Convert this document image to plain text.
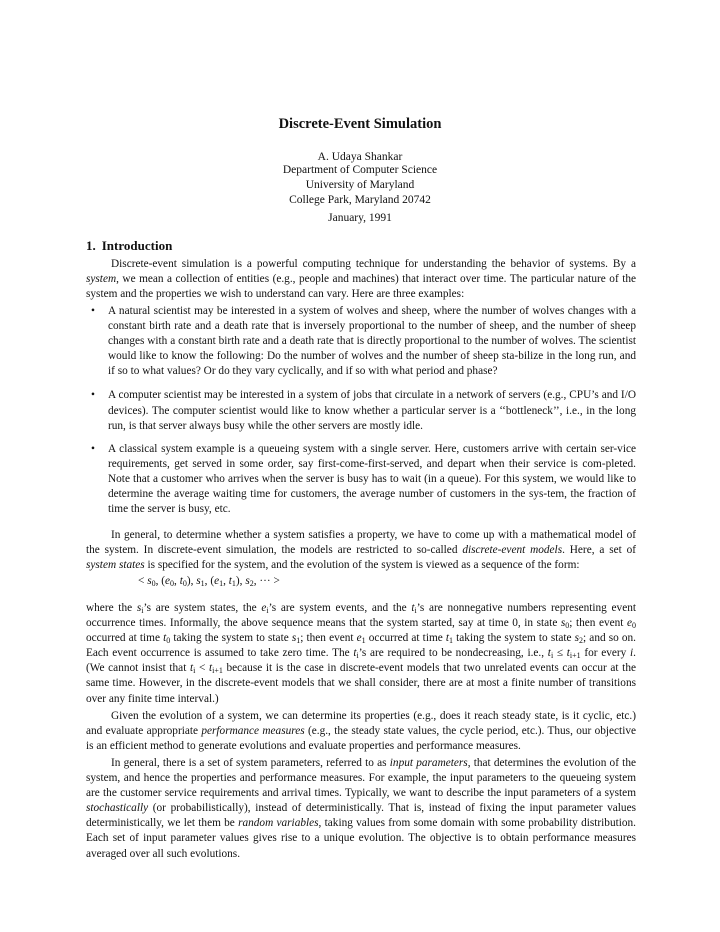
Discrete-Event Simulation
A. Udaya Shankar
Department of Computer Science
University of Maryland
College Park, Maryland 20742
January, 1991
1. Introduction

Discrete-event simulation is a powerful computing technique for understanding the behavior of systems. By a system, we mean a collection of entities (e.g., people and machines) that interact over time. The particular nature of the system and the properties we wish to understand can vary. Here are three examples:

• A natural scientist may be interested in a system of wolves and sheep, where the number of wolves changes with a constant birth rate and a death rate that is inversely proportional to the number of sheep, and the number of sheep changes with a constant birth rate and a death rate that is directly proportional to the number of wolves. The scientist would like to know the following: Do the number of wolves and the number of sheep sta-bilize in the long run, and if so to what values? Or do they vary cyclically, and if so with what period and phase?
• A computer scientist may be interested in a system of jobs that circulate in a network of servers (e.g., CPU’s and I/O devices). The computer scientist would like to know whether a particular server is a ‘‘bottleneck’’, i.e., in the long run, is that server always busy while the other servers are mostly idle.
• A classical system example is a queueing system with a single server. Here, customers arrive with certain ser-vice requirements, get served in some order, say first-come-first-served, and depart when their service is com-pleted. Note that a customer who arrives when the server is busy has to wait (in a queue). For this system, we would like to determine the average waiting time for customers, the average number of customers in the sys-tem, the fraction of time the server is busy, etc.

In general, to determine whether a system satisfies a property, we have to come up with a mathematical model of the system. In discrete-event simulation, the models are restricted to so-called discrete-event models. Here, a set of system states is specified for the system, and the evolution of the system is viewed as a sequence of the form:

< $s_0$, ($e_0$, $t_0$), $s_1$, ($e_1$, $t_1$), $s_2$, ··· >

where the $s_i’s$ are system states, the $e_i’s$ are system events, and the $t_i’s$ are nonnegative numbers representing event occurrence times. Informally, the above sequence means that the system started, say at time 0, in state $s_0$; then event $e_0$ occurred at time $t_0$ taking the system to state $s_1$; then event $e_1$ occurred at time $t_1$ taking the system to state $s_2$; and so on. Each event occurrence is assumed to take zero time. The $t_i’s$ are required to be nondecreasing, i.e., $t_i \le t_{i+1}$ for every i. (We cannot insist that $t_i < t_{i+1}$ because it is the case in discrete-event models that two unrelated events can occur at the same time. However, in the discrete-event models that we shall consider, there are at most a finite number of transitions over any finite time interval.)

Given the evolution of a system, we can determine its properties (e.g., does it reach steady state, is it cyclic, etc.) and evaluate appropriate performance measures (e.g., the steady state values, the cycle period, etc.). Thus, our objective is an efficient method to generate evolutions and evaluate properties and performance measures.

In general, there is a set of system parameters, referred to as input parameters, that determines the evolution of the system, and hence the properties and performance measures. For example, the input parameters to the queueing system are the customer service requirements and arrival times. Typically, we want to describe the input parameters of a system stochastically (or probabilistically), instead of deterministically. That is, instead of fixing the input parameter values deterministically, we let them be random variables, taking values from some domain with some probability distribution. Each set of input parameter values gives rise to a unique evolution. The objective is to obtain performance measures averaged over all such evolutions.
